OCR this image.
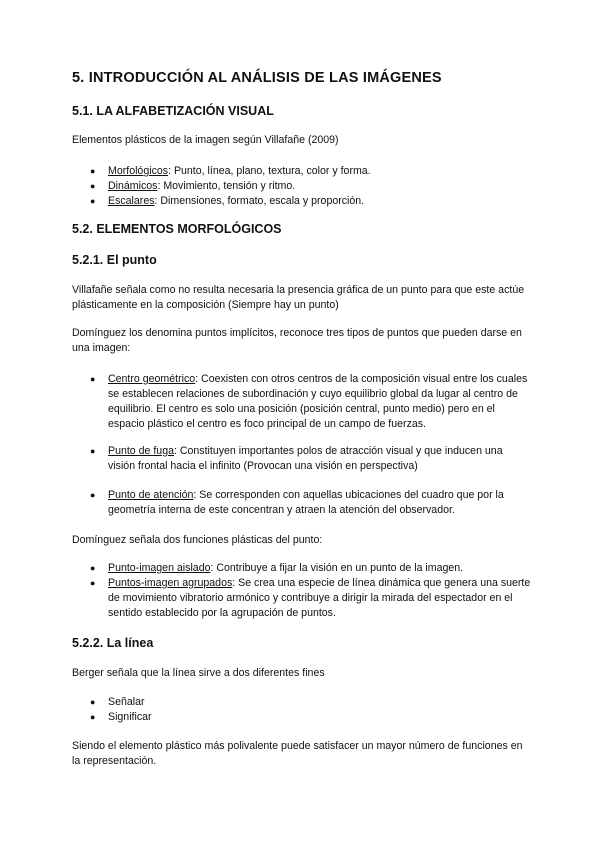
5. INTRODUCCIÓN AL ANÁLISIS DE LAS IMÁGENES
5.1. LA ALFABETIZACIÓN VISUAL
Elementos plásticos de la imagen según Villafañe (2009)
● Morfológicos: Punto, línea, plano, textura, color y forma.
● Dinámicos: Movimiento, tensión y ritmo.
● Escalares: Dimensiones, formato, escala y proporción.
5.2. ELEMENTOS MORFOLÓGICOS
5.2.1. El punto
Villafañe señala como no resulta necesaria la presencia gráfica de un punto para que este actúe plásticamente en la composición (Siempre hay un punto)
Domínguez los denomina puntos implícitos, reconoce tres tipos de puntos que pueden darse en una imagen:
● Centro geométrico: Coexisten con otros centros de la composición visual entre los cuales se establecen relaciones de subordinación y cuyo equilibrio global da lugar al centro de equilibrio. El centro es solo una posición (posición central, punto medio) pero en el espacio plástico el centro es foco principal de un campo de fuerzas.
● Punto de fuga: Constituyen importantes polos de atracción visual y que inducen una visión frontal hacia el infinito (Provocan una visión en perspectiva)
● Punto de atención: Se corresponden con aquellas ubicaciones del cuadro que por la geometría interna de este concentran y atraen la atención del observador.
Domínguez señala dos funciones plásticas del punto:
● Punto-imagen aislado: Contribuye a fijar la visión en un punto de la imagen.
● Puntos-imagen agrupados: Se crea una especie de línea dinámica que genera una suerte de movimiento vibratorio armónico y contribuye a dirigir la mirada del espectador en el sentido establecido por la agrupación de puntos.
5.2.2. La línea
Berger señala que la línea sirve a dos diferentes fines
● Señalar
● Significar
Siendo el elemento plástico más polivalente puede satisfacer un mayor número de funciones en la representación.
